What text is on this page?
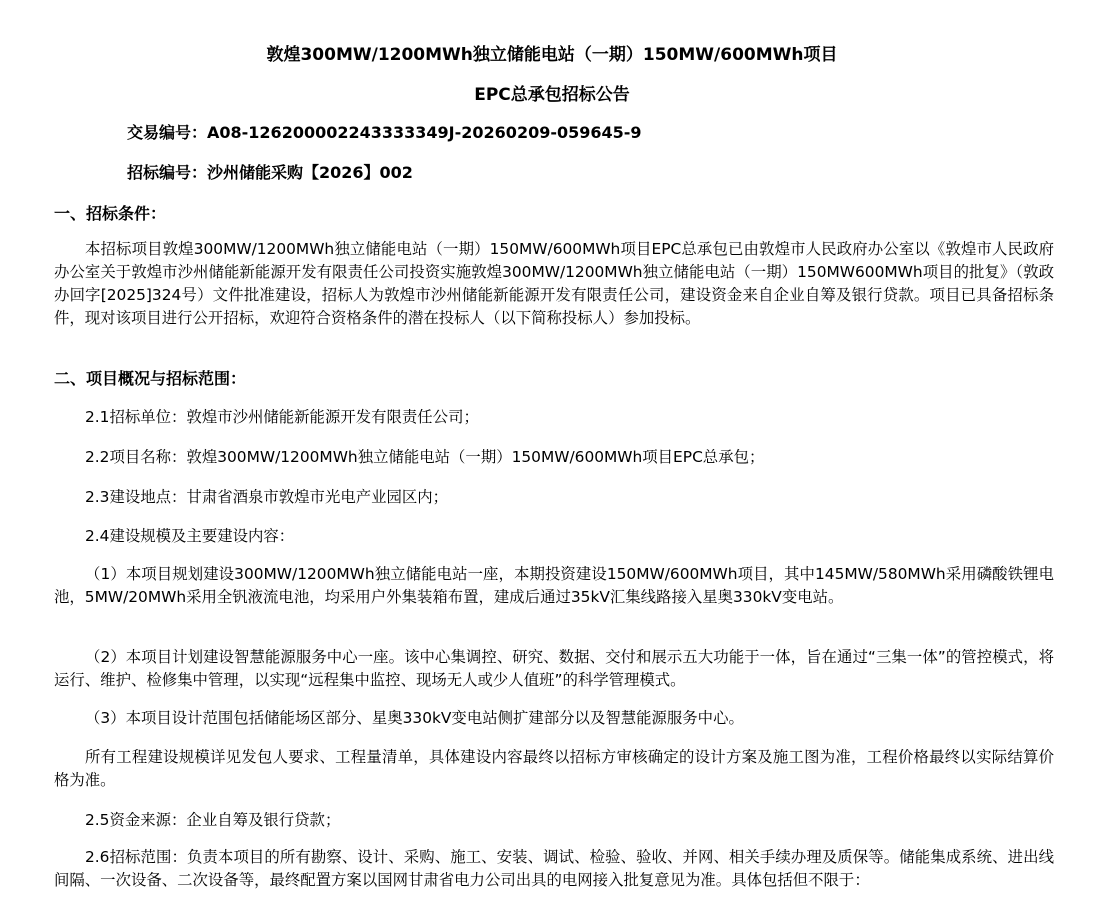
敦煌300MW/1200MWh独立储能电站（一期）150MW/600MWh项目
EPC总承包招标公告
交易编号：A08-126200002243333349J-20260209-059645-9
招标编号：沙州储能采购【2026】002
一、招标条件：
本招标项目敦煌300MW/1200MWh独立储能电站（一期）150MW/600MWh项目EPC总承包已由敦煌市人民政府办公室以《敦煌市人民政府办公室关于敦煌市沙州储能新能源开发有限责任公司投资实施敦煌300MW/1200MWh独立储能电站（一期）150MW600MWh项目的批复》（敦政办回字[2025]324号）文件批准建设，招标人为敦煌市沙州储能新能源开发有限责任公司，建设资金来自企业自筹及银行贷款。项目已具备招标条件，现对该项目进行公开招标，欢迎符合资格条件的潜在投标人（以下简称投标人）参加投标。
二、项目概况与招标范围：
2.1招标单位：敦煌市沙州储能新能源开发有限责任公司；
2.2项目名称：敦煌300MW/1200MWh独立储能电站（一期）150MW/600MWh项目EPC总承包；
2.3建设地点：甘肃省酒泉市敦煌市光电产业园区内；
2.4建设规模及主要建设内容：
（1）本项目规划建设300MW/1200MWh独立储能电站一座，本期投资建设150MW/600MWh项目，其中145MW/580MWh采用磷酸铁锂电池，5MW/20MWh采用全钒液流电池，均采用户外集装箱布置，建成后通过35kV汇集线路接入星奥330kV变电站。
（2）本项目计划建设智慧能源服务中心一座。该中心集调控、研究、数据、交付和展示五大功能于一体，旨在通过“三集一体”的管控模式，将运行、维护、检修集中管理，以实现“远程集中监控、现场无人或少人值班”的科学管理模式。
（3）本项目设计范围包括储能场区部分、星奥330kV变电站侧扩建部分以及智慧能源服务中心。
所有工程建设规模详见发包人要求、工程量清单，具体建设内容最终以招标方审核确定的设计方案及施工图为准，工程价格最终以实际结算价格为准。
2.5资金来源：企业自筹及银行贷款；
2.6招标范围：负责本项目的所有勘察、设计、采购、施工、安装、调试、检验、验收、并网、相关手续办理及质保等。储能集成系统、进出线间隔、一次设备、二次设备等，最终配置方案以国网甘肃省电力公司出具的电网接入批复意见为准。具体包括但不限于：
